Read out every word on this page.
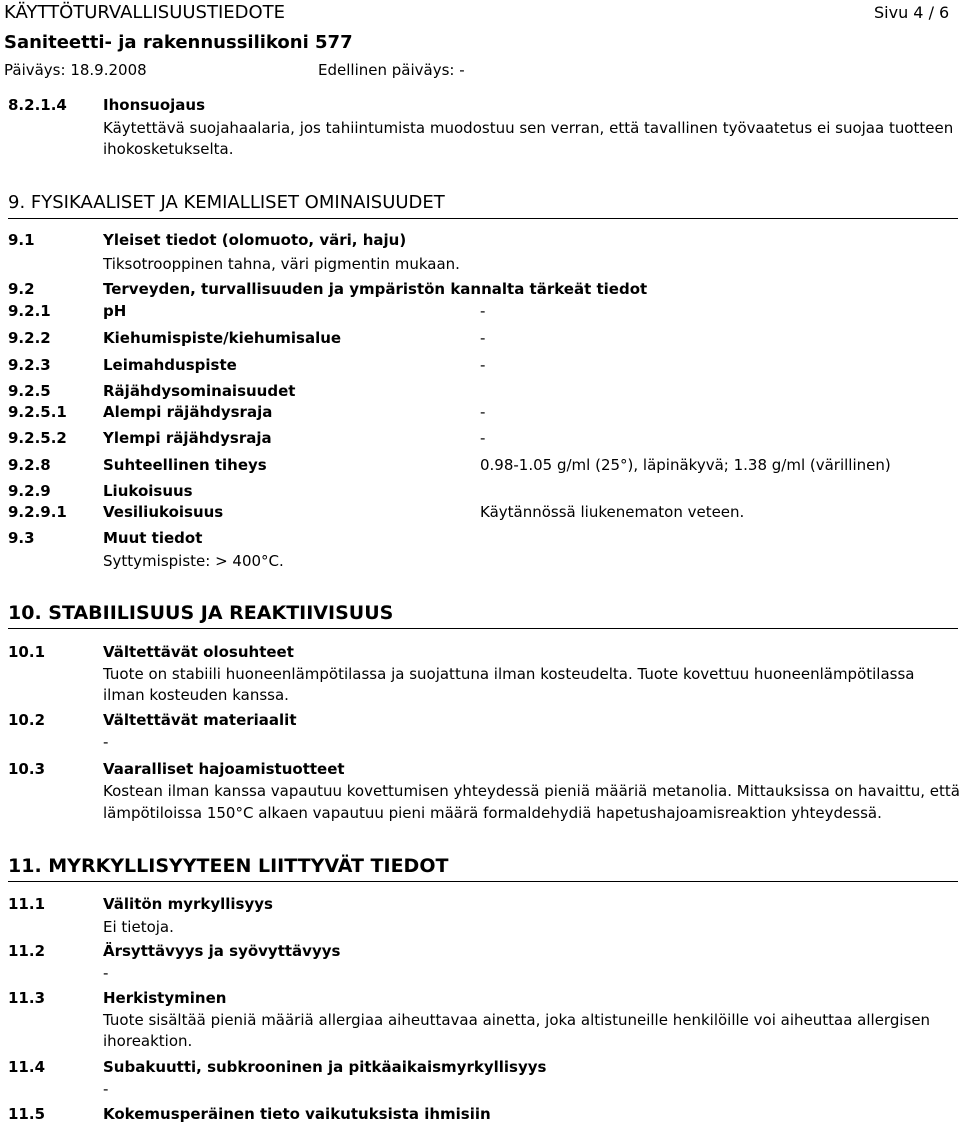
KÄYTTÖTURVALLISUUSTIEDOTE	Sivu 4 / 6
Saniteetti- ja rakennussilikoni 577
Päiväys: 18.9.2008	Edellinen päiväys: -
8.2.1.4 Ihonsuojaus
Käytettävä suojahaalaria, jos tahiintumista muodostuu sen verran, että tavallinen työvaatetus ei suojaa tuotteen
ihokosketukselta.
9. FYSIKAALISET JA KEMIALLISET OMINAISUUDET
9.1	Yleiset tiedot (olomuoto, väri, haju)
Tiksotrooppinen tahna, väri pigmentin mukaan.
9.2	Terveyden, turvallisuuden ja ympäristön kannalta tärkeät tiedot
9.2.1	pH	-
9.2.2	Kiehumispiste/kiehumisalue	-
9.2.3	Leimahduspiste	-
9.2.5	Räjähdysominaisuudet
9.2.5.1 Alempi räjähdysraja	-
9.2.5.2 Ylempi räjähdysraja	-
9.2.8	Suhteellinen tiheys	0.98-1.05 g/ml (25°), läpinäkyvä; 1.38 g/ml (värillinen)
9.2.9	Liukoisuus
9.2.9.1 Vesiliukoisuus	Käytännössä liukenematon veteen.
9.3	Muut tiedot
Syttymispiste: > 400°C.
10. STABIILISUUS JA REAKTIIVISUUS
10.1	Vältettävät olosuhteet
Tuote on stabiili huoneenlämpötilassa ja suojattuna ilman kosteudelta. Tuote kovettuu huoneenlämpötilassa
ilman kosteuden kanssa.
10.2	Vältettävät materiaalit
-
10.3	Vaaralliset hajoamistuotteet
Kostean ilman kanssa vapautuu kovettumisen yhteydessä pieniä määriä metanolia. Mittauksissa on havaittu, että
lämpötiloissa 150°C alkaen vapautuu pieni määrä formaldehydiä hapetushajoamisreaktion yhteydessä.
11. MYRKYLLISYYTEEN LIITTYVÄT TIEDOT
11.1	Välitön myrkyllisyys
Ei tietoja.
11.2	Ärsyttävyys ja syövyttävyys
-
11.3	Herkistyminen
Tuote sisältää pieniä määriä allergiaa aiheuttavaa ainetta, joka altistuneille henkilöille voi aiheuttaa allergisen
ihoreaktion.
11.4	Subakuutti, subkrooninen ja pitkäaikaismyrkyllisyys
-
11.5	Kokemusperäinen tieto vaikutuksista ihmisiin
